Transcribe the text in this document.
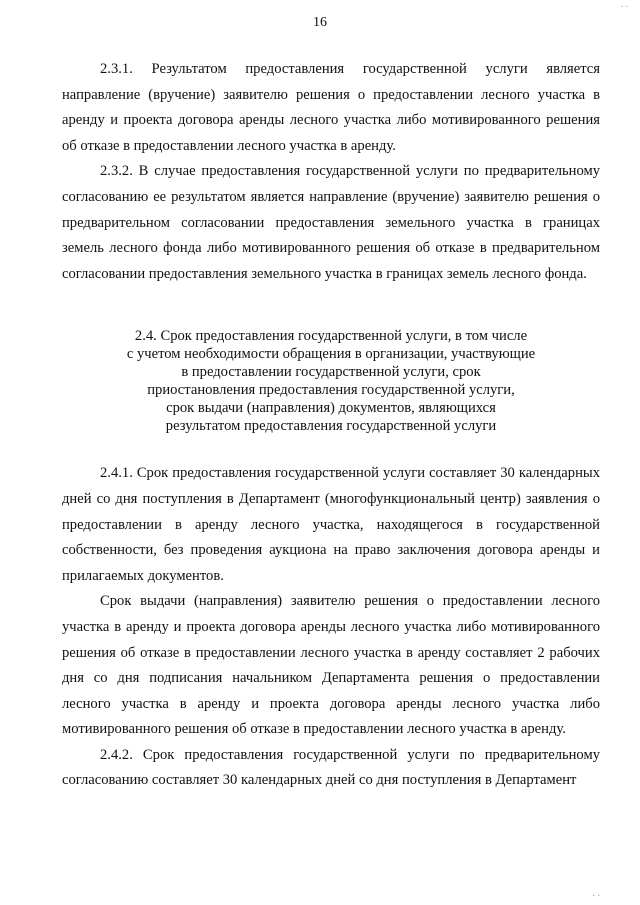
16

2.3.1. Результатом предоставления государственной услуги является направление (вручение) заявителю решения о предоставлении лесного участка в аренду и проекта договора аренды лесного участка либо мотивированного решения об отказе в предоставлении лесного участка в аренду.

2.3.2. В случае предоставления государственной услуги по предварительному согласованию ее результатом является направление (вручение) заявителю решения о предварительном согласовании предоставления земельного участка в границах земель лесного фонда либо мотивированного решения об отказе в предварительном согласовании предоставления земельного участка в границах земель лесного фонда.

2.4. Срок предоставления государственной услуги, в том числе
с учетом необходимости обращения в организации, участвующие
в предоставлении государственной услуги, срок
приостановления предоставления государственной услуги,
срок выдачи (направления) документов, являющихся
результатом предоставления государственной услуги

2.4.1. Срок предоставления государственной услуги составляет 30 календарных дней со дня поступления в Департамент (многофункциональный центр) заявления о предоставлении в аренду лесного участка, находящегося в государственной собственности, без проведения аукциона на право заключения договора аренды и прилагаемых документов.

Срок выдачи (направления) заявителю решения о предоставлении лесного участка в аренду и проекта договора аренды лесного участка либо мотивированного решения об отказе в предоставлении лесного участка в аренду составляет 2 рабочих дня со дня подписания начальником Департамента решения о предоставлении лесного участка в аренду и проекта договора аренды лесного участка либо мотивированного решения об отказе в предоставлении лесного участка в аренду.

2.4.2. Срок предоставления государственной услуги по предварительному согласованию составляет 30 календарных дней со дня поступления в Департамент

. .
. .
